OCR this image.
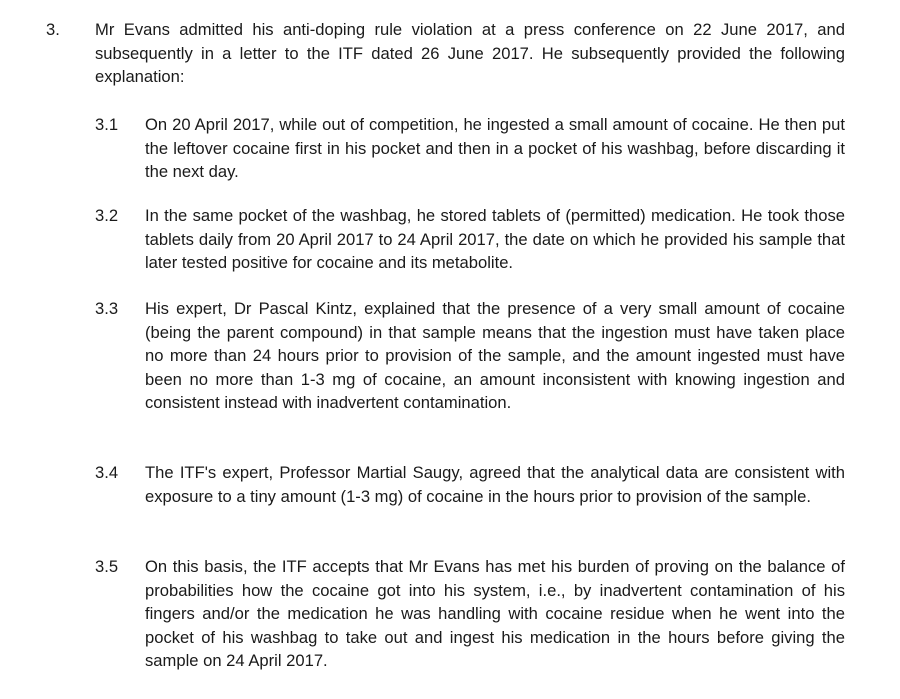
3. Mr Evans admitted his anti-doping rule violation at a press conference on 22 June 2017, and subsequently in a letter to the ITF dated 26 June 2017. He subsequently provided the following explanation:
3.1	On 20 April 2017, while out of competition, he ingested a small amount of cocaine. He then put the leftover cocaine first in his pocket and then in a pocket of his washbag, before discarding it the next day.
3.2	In the same pocket of the washbag, he stored tablets of (permitted) medication. He took those tablets daily from 20 April 2017 to 24 April 2017, the date on which he provided his sample that later tested positive for cocaine and its metabolite.
3.3	His expert, Dr Pascal Kintz, explained that the presence of a very small amount of cocaine (being the parent compound) in that sample means that the ingestion must have taken place no more than 24 hours prior to provision of the sample, and the amount ingested must have been no more than 1-3 mg of cocaine, an amount inconsistent with knowing ingestion and consistent instead with inadvertent contamination.
3.4	The ITF's expert, Professor Martial Saugy, agreed that the analytical data are consistent with exposure to a tiny amount (1-3 mg) of cocaine in the hours prior to provision of the sample.
3.5	On this basis, the ITF accepts that Mr Evans has met his burden of proving on the balance of probabilities how the cocaine got into his system, i.e., by inadvertent contamination of his fingers and/or the medication he was handling with cocaine residue when he went into the pocket of his washbag to take out and ingest his medication in the hours before giving the sample on 24 April 2017.
